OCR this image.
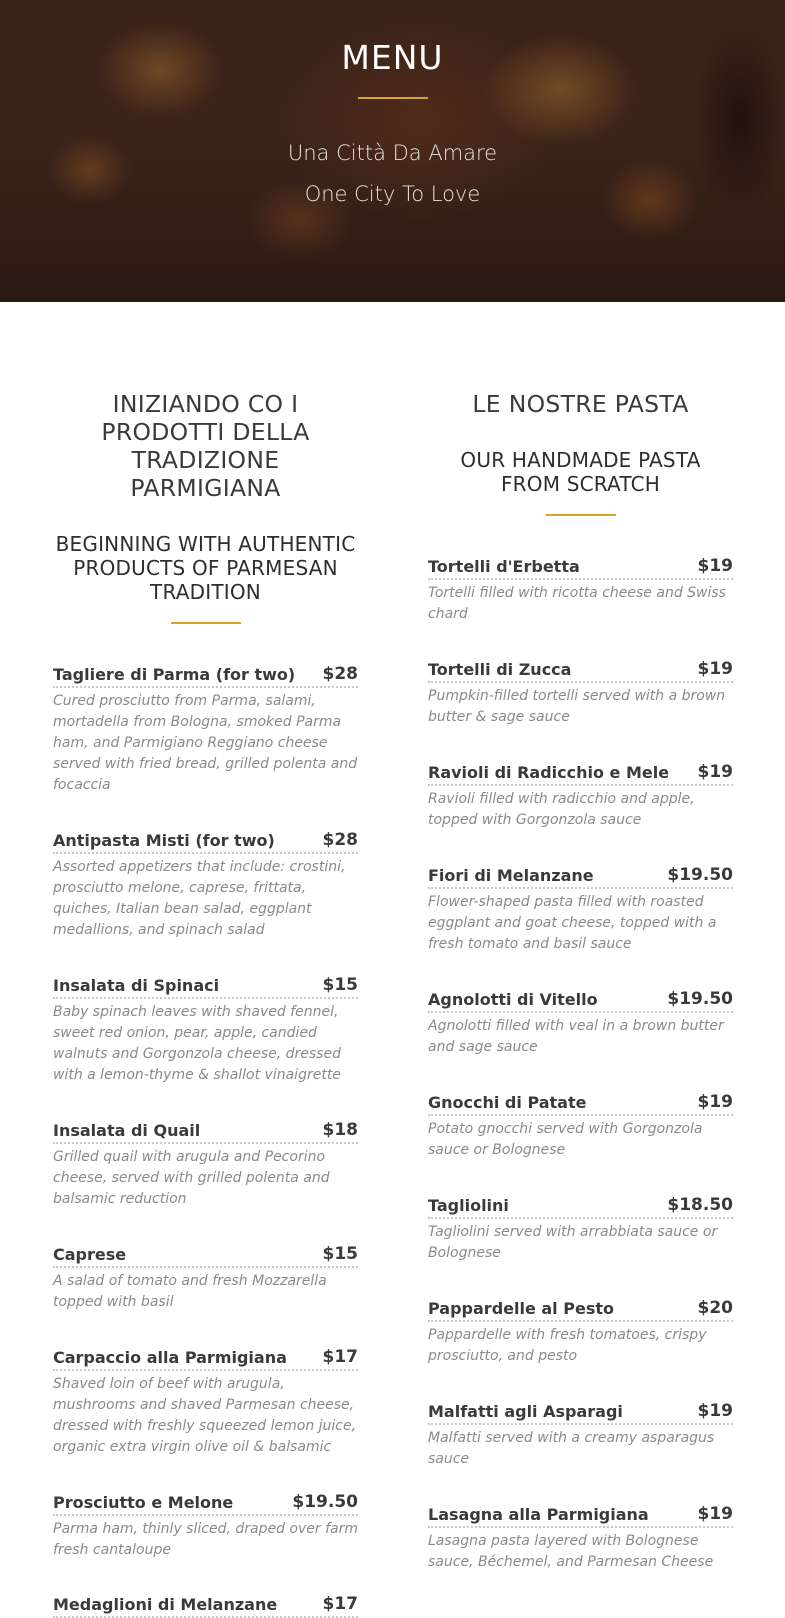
MENU
Una Città Da Amare
One City To Love
INIZIANDO CO I PRODOTTI DELLA TRADIZIONE PARMIGIANA
BEGINNING WITH AUTHENTIC PRODUCTS OF PARMESAN TRADITION
Tagliere di Parma (for two) $28
Cured prosciutto from Parma, salami, mortadella from Bologna, smoked Parma ham, and Parmigiano Reggiano cheese served with fried bread, grilled polenta and focaccia
Antipasta Misti (for two)	$28
Assorted appetizers that include: crostini, prosciutto melone, caprese, frittata, quiches, Italian bean salad, eggplant medallions, and spinach salad
Insalata di Spinaci	$15
Baby spinach leaves with shaved fennel, sweet red onion, pear, apple, candied walnuts and Gorgonzola cheese, dressed with a lemon-thyme & shallot vinaigrette
Insalata di Quail	$18
Grilled quail with arugula and Pecorino cheese, served with grilled polenta and balsamic reduction
Caprese	$15
A salad of tomato and fresh Mozzarella topped with basil
Carpaccio alla Parmigiana $17
Shaved loin of beef with arugula, mushrooms and shaved Parmesan cheese, dressed with freshly squeezed lemon juice, organic extra virgin olive oil & balsamic
Prosciutto e Melone	$19.50
Parma ham, thinly sliced, draped over farm fresh cantaloupe
Medaglioni di Melanzane	$17
LE NOSTRE PASTA
OUR HANDMADE PASTA FROM SCRATCH
Tortelli d'Erbetta	$19
Tortelli filled with ricotta cheese and Swiss chard
Tortelli di Zucca	$19
Pumpkin-filled tortelli served with a brown butter & sage sauce
Ravioli di Radicchio e Mele $19
Ravioli filled with radicchio and apple, topped with Gorgonzola sauce
Fiori di Melanzane	$19.50
Flower-shaped pasta filled with roasted eggplant and goat cheese, topped with a fresh tomato and basil sauce
Agnolotti di Vitello	$19.50
Agnolotti filled with veal in a brown butter and sage sauce
Gnocchi di Patate	$19
Potato gnocchi served with Gorgonzola sauce or Bolognese
Tagliolini	$18.50
Tagliolini served with arrabbiata sauce or Bolognese
Pappardelle al Pesto	$20
Pappardelle with fresh tomatoes, crispy prosciutto, and pesto
Malfatti agli Asparagi	$19
Malfatti served with a creamy asparagus sauce
Lasagna alla Parmigiana	$19
Lasagna pasta layered with Bolognese sauce, Béchemel, and Parmesan Cheese
